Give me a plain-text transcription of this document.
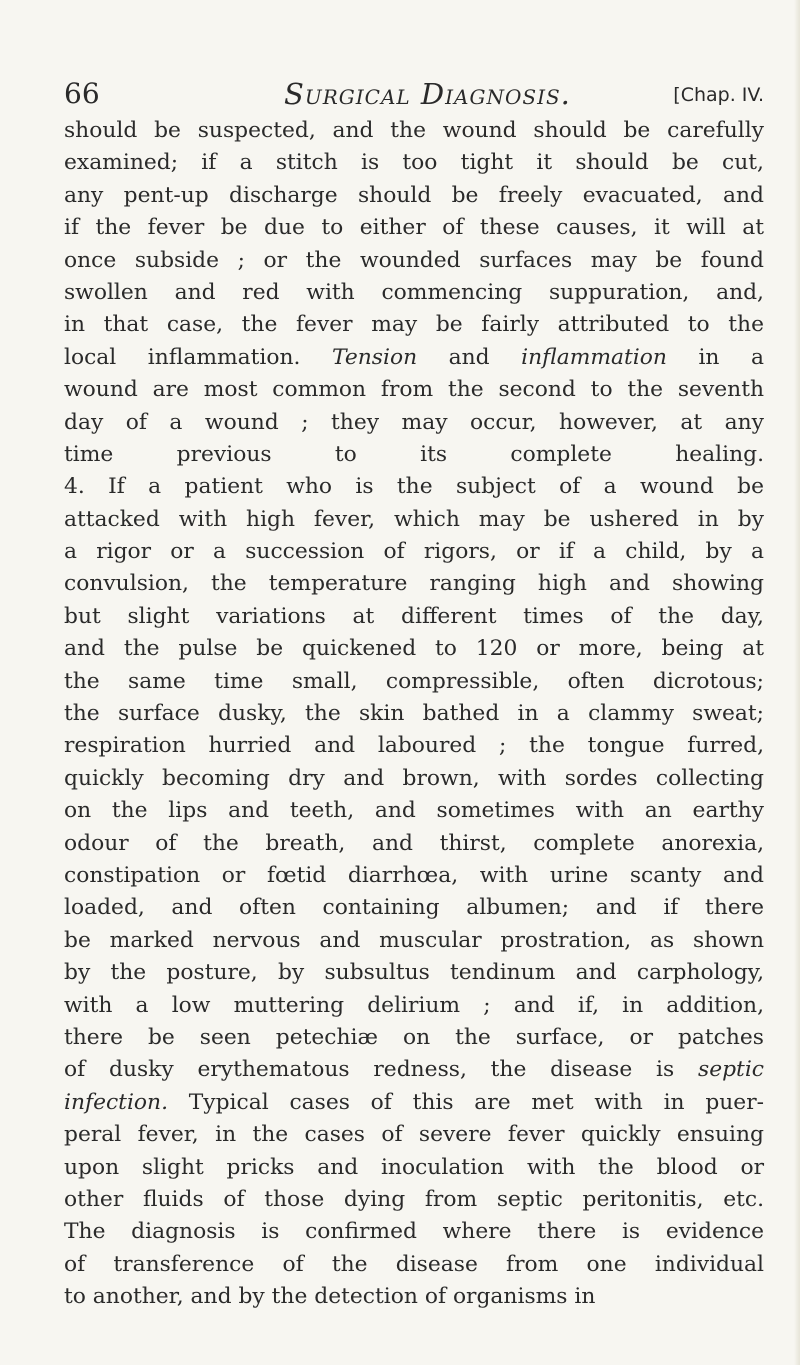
66	Surgical Diagnosis.	[Chap. IV.
should be suspected, and the wound should be carefully
examined; if a stitch is too tight it should be cut,
any pent-up discharge should be freely evacuated, and
if the fever be due to either of these causes, it will at
once subside ; or the wounded surfaces may be found
swollen and red with commencing suppuration, and,
in that case, the fever may be fairly attributed to the
local inflammation. Tension and inflammation in a
wound are most common from the second to the seventh
day of a wound ; they may occur, however, at any
time previous to its complete healing.
4. If a patient who is the subject of a wound be
attacked with high fever, which may be ushered in by
a rigor or a succession of rigors, or if a child, by a
convulsion, the temperature ranging high and showing
but slight variations at different times of the day,
and the pulse be quickened to 120 or more, being at
the same time small, compressible, often dicrotous;
the surface dusky, the skin bathed in a clammy sweat;
respiration hurried and laboured ; the tongue furred,
quickly becoming dry and brown, with sordes collecting
on the lips and teeth, and sometimes with an earthy
odour of the breath, and thirst, complete anorexia,
constipation or fœtid diarrhœa, with urine scanty and
loaded, and often containing albumen; and if there
be marked nervous and muscular prostration, as shown
by the posture, by subsultus tendinum and carphology,
with a low muttering delirium ; and if, in addition,
there be seen petechiæ on the surface, or patches
of dusky erythematous redness, the disease is septic
infection. Typical cases of this are met with in puer-
peral fever, in the cases of severe fever quickly ensuing
upon slight pricks and inoculation with the blood or
other fluids of those dying from septic peritonitis, etc.
The diagnosis is confirmed where there is evidence
of transference of the disease from one individual
to another, and by the detection of organisms in
